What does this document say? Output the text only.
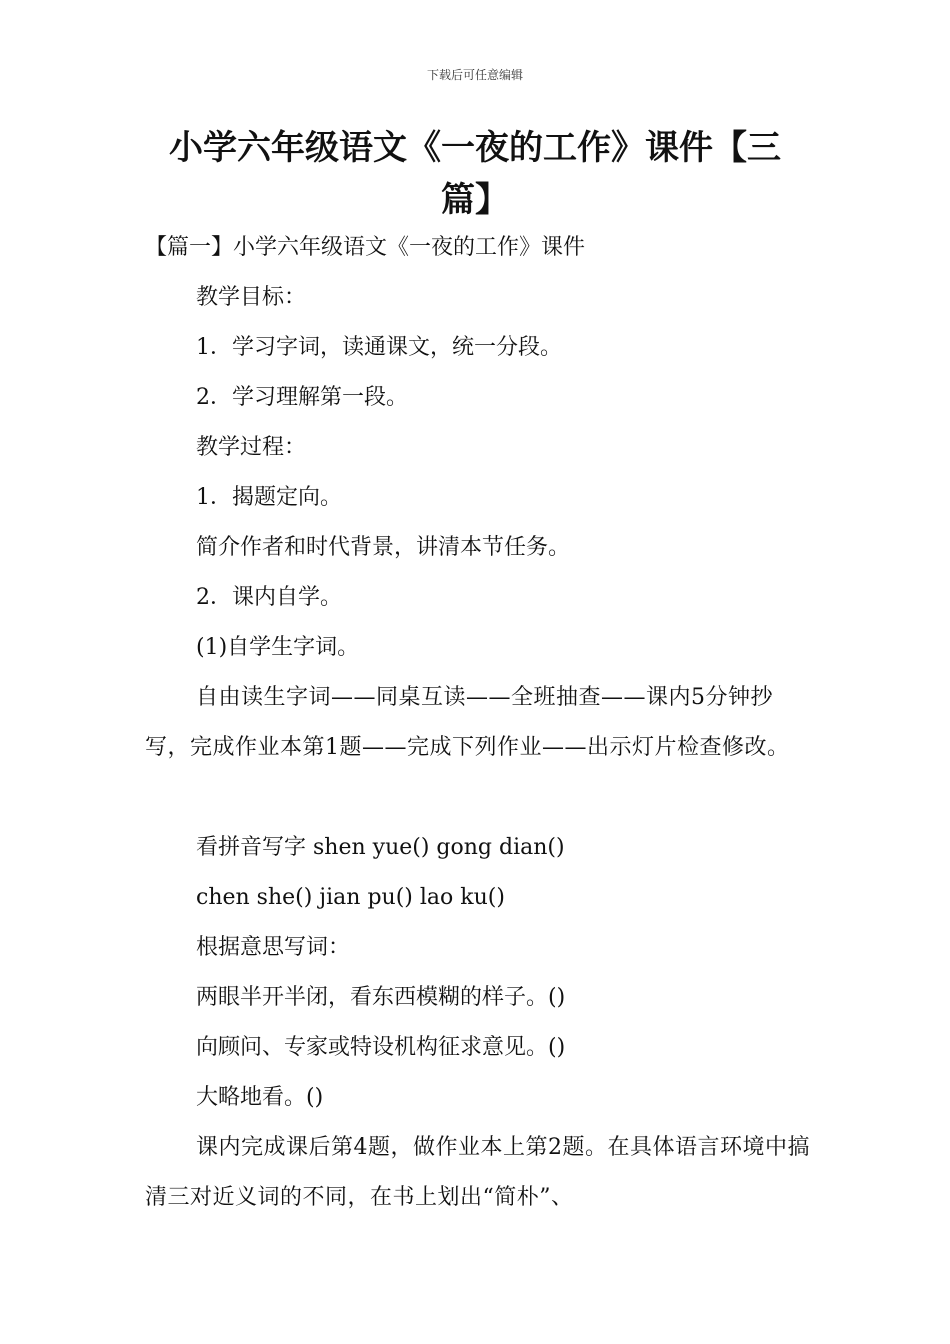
下载后可任意编辑
小学六年级语文《一夜的工作》课件【三篇】
【篇一】小学六年级语文《一夜的工作》课件
教学目标：
1．学习字词，读通课文，统一分段。
2．学习理解第一段。
教学过程：
1．揭题定向。
简介作者和时代背景，讲清本节任务。
2．课内自学。
(1)自学生字词。
自由读生字词——同桌互读——全班抽查——课内5分钟抄写，完成作业本第1题——完成下列作业——出示灯片检查修改。
看拼音写字 shen yue() gong dian()
chen she() jian pu() lao ku()
根据意思写词：
两眼半开半闭，看东西模糊的样子。()
向顾问、专家或特设机构征求意见。()
大略地看。()
课内完成课后第4题，做作业本上第2题。在具体语言环境中搞清三对近义词的不同，在书上划出“简朴”、
